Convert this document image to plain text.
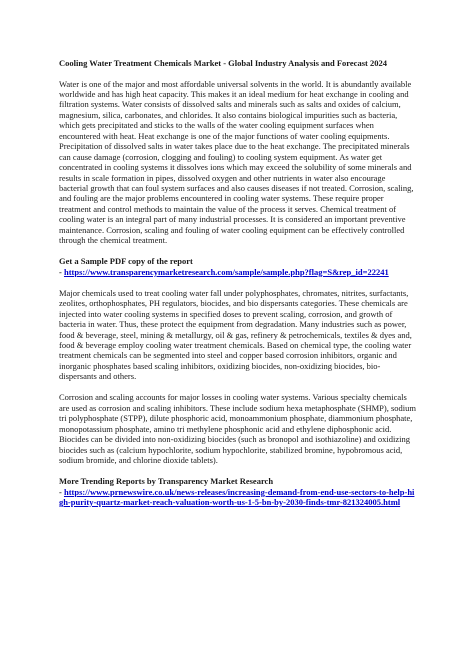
Cooling Water Treatment Chemicals Market - Global Industry Analysis and Forecast 2024

Water is one of the major and most affordable universal solvents in the world. It is abundantly available worldwide and has high heat capacity. This makes it an ideal medium for heat exchange in cooling and filtration systems. Water consists of dissolved salts and minerals such as salts and oxides of calcium, magnesium, silica, carbonates, and chlorides. It also contains biological impurities such as bacteria, which gets precipitated and sticks to the walls of the water cooling equipment surfaces when encountered with heat. Heat exchange is one of the major functions of water cooling equipments. Precipitation of dissolved salts in water takes place due to the heat exchange. The precipitated minerals can cause damage (corrosion, clogging and fouling) to cooling system equipment. As water get concentrated in cooling systems it dissolves ions which may exceed the solubility of some minerals and results in scale formation in pipes, dissolved oxygen and other nutrients in water also encourage bacterial growth that can foul system surfaces and also causes diseases if not treated. Corrosion, scaling, and fouling are the major problems encountered in cooling water systems. These require proper treatment and control methods to maintain the value of the process it serves. Chemical treatment of cooling water is an integral part of many industrial processes. It is considered an important preventive maintenance. Corrosion, scaling and fouling of water cooling equipment can be effectively controlled through the chemical treatment.

Get a Sample PDF copy of the report

- https://www.transparencymarketresearch.com/sample/sample.php?flag=S&rep_id=22241

Major chemicals used to treat cooling water fall under polyphosphates, chromates, nitrites, surfactants, zeolites, orthophosphates, PH regulators, biocides, and bio dispersants categories. These chemicals are injected into water cooling systems in specified doses to prevent scaling, corrosion, and growth of bacteria in water. Thus, these protect the equipment from degradation. Many industries such as power, food & beverage, steel, mining & metallurgy, oil & gas, refinery & petrochemicals, textiles & dyes and, food & beverage employ cooling water treatment chemicals. Based on chemical type, the cooling water treatment chemicals can be segmented into steel and copper based corrosion inhibitors, organic and inorganic phosphates based scaling inhibitors, oxidizing biocides, non-oxidizing biocides, bio-dispersants and others.

Corrosion and scaling accounts for major losses in cooling water systems. Various specialty chemicals are used as corrosion and scaling inhibitors. These include sodium hexa metaphosphate (SHMP), sodium tri polyphosphate (STPP), dilute phosphoric acid, monoammonium phosphate, diammonium phosphate, monopotassium phosphate, amino tri methylene phosphonic acid and ethylene diphosphonic acid. Biocides can be divided into non-oxidizing biocides (such as bronopol and isothiazoline) and oxidizing biocides such as (calcium hypochlorite, sodium hypochlorite, stabilized bromine, hypobromous acid, sodium bromide, and chlorine dioxide tablets).

More Trending Reports by Transparency Market Research

- https://www.prnewswire.co.uk/news-releases/increasing-demand-from-end-use-sectors-to-help-high-purity-quartz-market-reach-valuation-worth-us-1-5-bn-by-2030-finds-tmr-821324005.html
